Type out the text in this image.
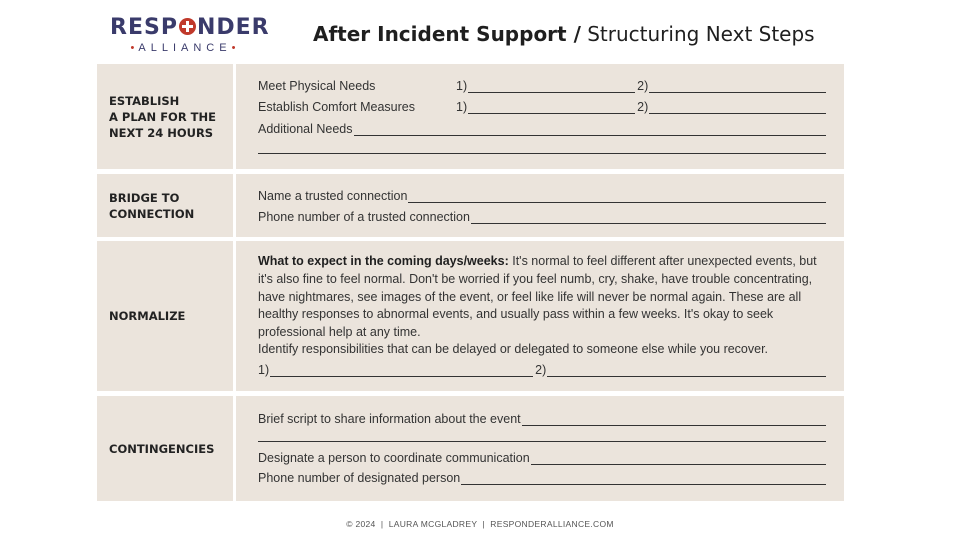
RESP NDER
•ALLIANCE•
After Incident Support / Structuring Next Steps
ESTABLISH
A PLAN FOR THE
NEXT 24 HOURS
Meet Physical Needs	1)	2)
Establish Comfort Measures	1)	2)
Additional Needs
BRIDGE TO
CONNECTION
Name a trusted connection
Phone number of a trusted connection
NORMALIZE
What to expect in the coming days/weeks: It's normal to feel different after unexpected events, but it's also fine to feel normal. Don't be worried if you feel numb, cry, shake, have trouble concentrating, have nightmares, see images of the event, or feel like life will never be normal again. These are all healthy responses to abnormal events, and usually pass within a few weeks. It's okay to seek professional help at any time.
Identify responsibilities that can be delayed or delegated to someone else while you recover.
1)	2)
CONTINGENCIES
Brief script to share information about the event
Designate a person to coordinate communication
Phone number of designated person
© 2024  |  LAURA MCGLADREY  |  RESPONDERALLIANCE.COM
